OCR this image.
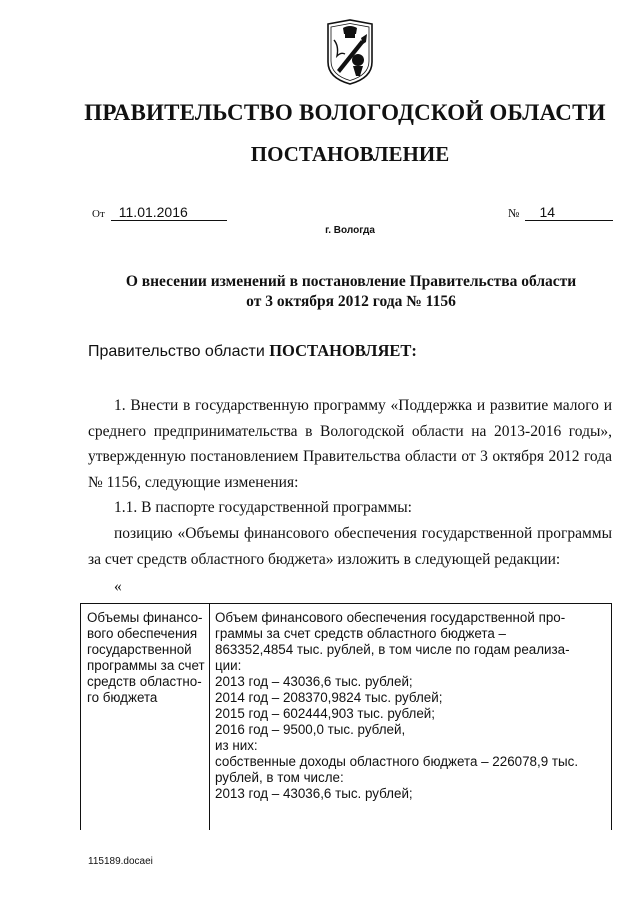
ПРАВИТЕЛЬСТВО ВОЛОГОДСКОЙ ОБЛАСТИ
ПОСТАНОВЛЕНИЕ
От 11.01.2016	№ 14
г. Вологда
О внесении изменений в постановление Правительства области
от 3 октября 2012 года № 1156
Правительство области ПОСТАНОВЛЯЕТ:

1. Внести в государственную программу «Поддержка и развитие малого и среднего предпринимательства в Вологодской области на 2013-2016 годы», утвержденную постановлением Правительства области от 3 октября 2012 года № 1156, следующие изменения:

1.1. В паспорте государственной программы:

позицию «Объемы финансового обеспечения государственной программы за счет средств областного бюджета» изложить в следующей редакции:

«

Объемы финансо-
вого обеспечения
государственной
программы за счет
средств областно-
го бюджета
Объем финансового обеспечения государственной про-
граммы за счет средств областного бюджета –
863352,4854 тыс. рублей, в том числе по годам реализа-
ции:
2013 год – 43036,6 тыс. рублей;
2014 год – 208370,9824 тыс. рублей;
2015 год – 602444,903 тыс. рублей;
2016 год – 9500,0 тыс. рублей,
из них:
собственные доходы областного бюджета – 226078,9 тыс.
рублей, в том числе:
2013 год – 43036,6 тыс. рублей;
115189.docaei
